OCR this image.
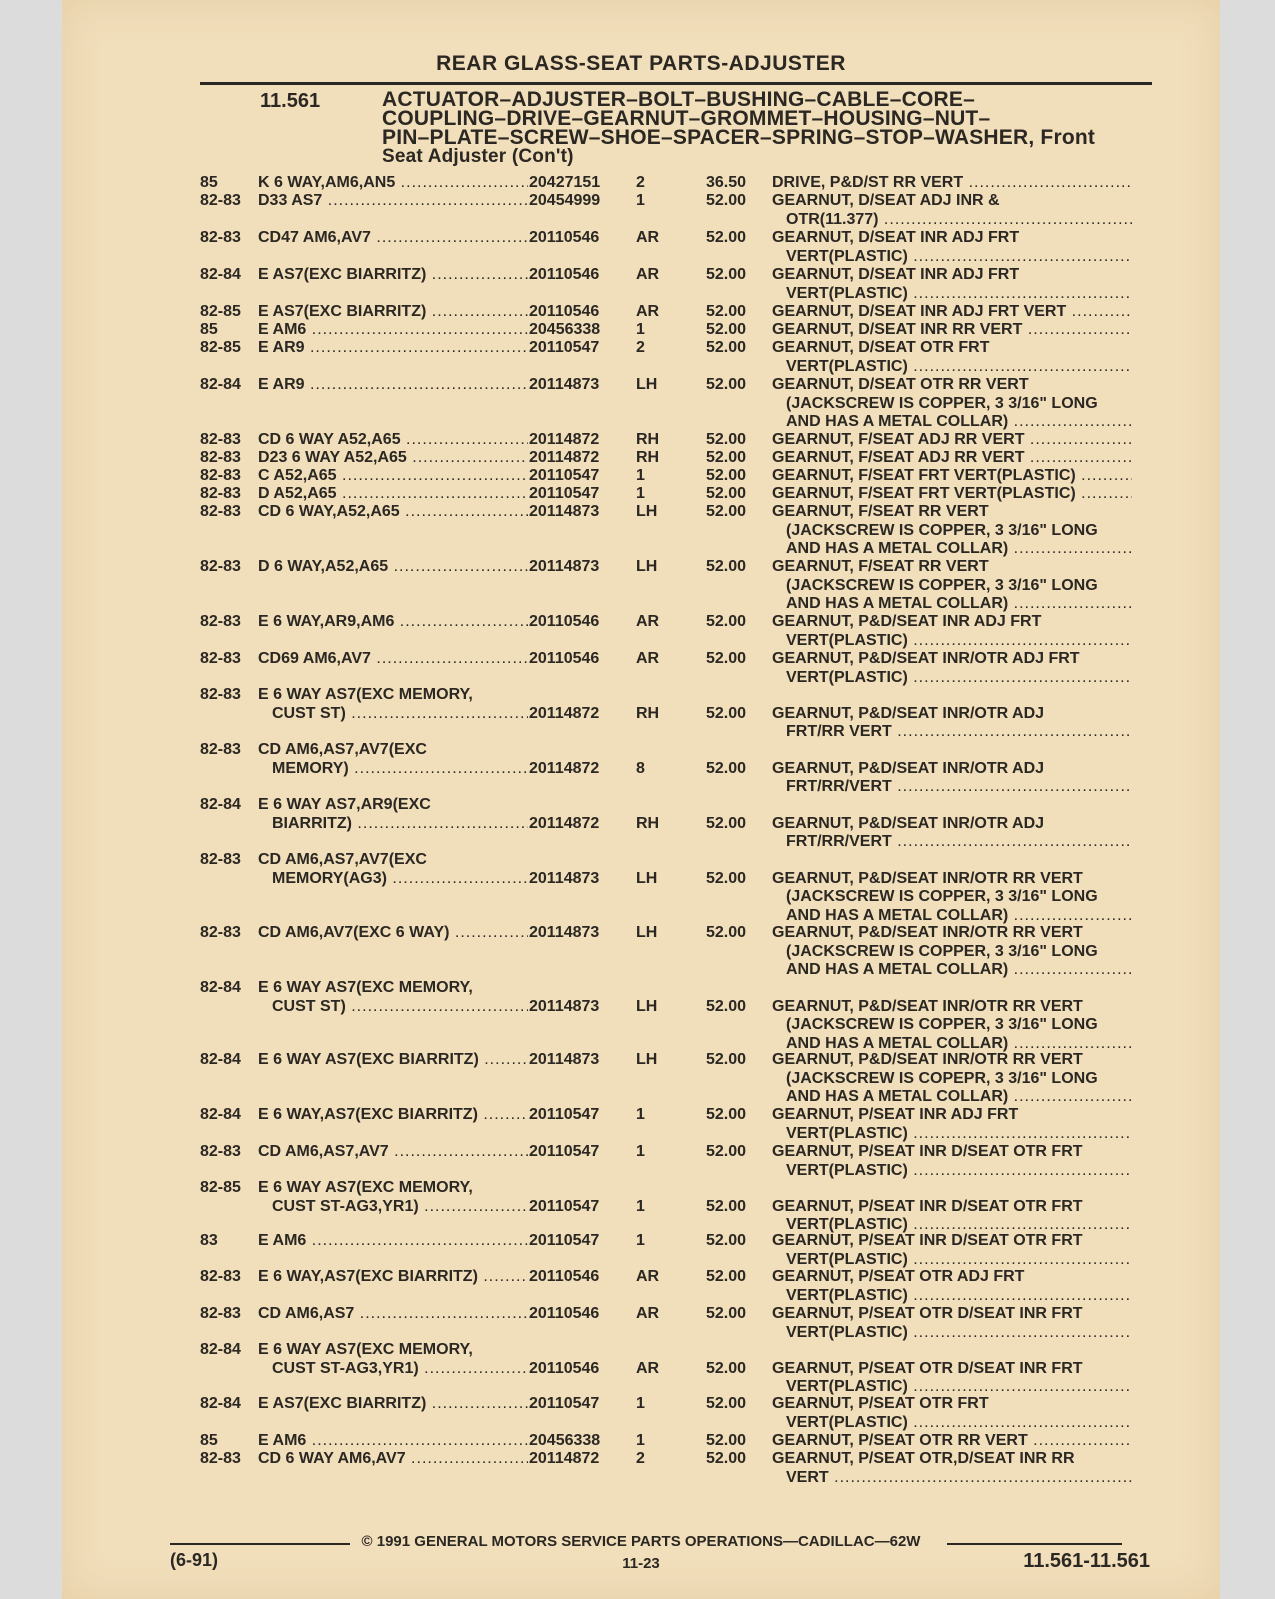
REAR GLASS-SEAT PARTS-ADJUSTER
11.561	ACTUATOR–ADJUSTER–BOLT–BUSHING–CABLE–CORE–
COUPLING–DRIVE–GEARNUT–GROMMET–HOUSING–NUT–
PIN–PLATE–SCREW–SHOE–SPACER–SPRING–STOP–WASHER, Front
Seat Adjuster (Con't)
85	K 6 WAY,AM6,AN5 .....	20427151	2	36.50 DRIVE, P&D/ST RR VERT .....
82-83	D33 AS7 .....	20454999	1	52.00 GEARNUT, D/SEAT ADJ INR &
OTR(11.377) .....
82-83	CD47 AM6,AV7 .....	20110546	AR	52.00 GEARNUT, D/SEAT INR ADJ FRT
VERT(PLASTIC) .....
82-84	E AS7(EXC BIARRITZ) .....	20110546	AR	52.00 GEARNUT, D/SEAT INR ADJ FRT
VERT(PLASTIC) .....
82-85	E AS7(EXC BIARRITZ) .....	20110546	AR	52.00 GEARNUT, D/SEAT INR ADJ FRT VERT .....
85	E AM6 .....	20456338	1	52.00 GEARNUT, D/SEAT INR RR VERT .....
82-85	E AR9 .....	20110547	2	52.00 GEARNUT, D/SEAT OTR FRT
VERT(PLASTIC) .....
82-84	E AR9 .....	20114873	LH	52.00 GEARNUT, D/SEAT OTR RR VERT
(JACKSCREW IS COPPER, 3 3/16" LONG
AND HAS A METAL COLLAR) .....
82-83	CD 6 WAY A52,A65 .....	20114872	RH	52.00 GEARNUT, F/SEAT ADJ RR VERT .....
82-83	D23 6 WAY A52,A65 .....	20114872	RH	52.00 GEARNUT, F/SEAT ADJ RR VERT .....
82-83	C A52,A65 .....	20110547	1	52.00 GEARNUT, F/SEAT FRT VERT(PLASTIC) .....
82-83	D A52,A65 .....	20110547	1	52.00 GEARNUT, F/SEAT FRT VERT(PLASTIC) .....
82-83	CD 6 WAY,A52,A65 .....	20114873	LH	52.00 GEARNUT, F/SEAT RR VERT
(JACKSCREW IS COPPER, 3 3/16" LONG
AND HAS A METAL COLLAR) .....
82-83	D 6 WAY,A52,A65 .....	20114873	LH	52.00 GEARNUT, F/SEAT RR VERT
(JACKSCREW IS COPPER, 3 3/16" LONG
AND HAS A METAL COLLAR) .....
82-83	E 6 WAY,AR9,AM6 .....	20110546	AR	52.00 GEARNUT, P&D/SEAT INR ADJ FRT
VERT(PLASTIC) .....
82-83	CD69 AM6,AV7 .....	20110546	AR	52.00 GEARNUT, P&D/SEAT INR/OTR ADJ FRT
VERT(PLASTIC) .....
82-83	E 6 WAY AS7(EXC MEMORY,
CUST ST) .....	20114872	RH	52.00 GEARNUT, P&D/SEAT INR/OTR ADJ
FRT/RR VERT .....
82-83	CD AM6,AS7,AV7(EXC
MEMORY) .....	20114872	8	52.00 GEARNUT, P&D/SEAT INR/OTR ADJ
FRT/RR/VERT .....
82-84	E 6 WAY AS7,AR9(EXC
BIARRITZ) .....	20114872	RH	52.00 GEARNUT, P&D/SEAT INR/OTR ADJ
FRT/RR/VERT .....
82-83	CD AM6,AS7,AV7(EXC
MEMORY(AG3) .....	20114873	LH	52.00 GEARNUT, P&D/SEAT INR/OTR RR VERT
(JACKSCREW IS COPPER, 3 3/16" LONG
AND HAS A METAL COLLAR) .....
82-83	CD AM6,AV7(EXC 6 WAY) .....	20114873	LH	52.00 GEARNUT, P&D/SEAT INR/OTR RR VERT
(JACKSCREW IS COPPER, 3 3/16" LONG
AND HAS A METAL COLLAR) .....
82-84	E 6 WAY AS7(EXC MEMORY,
CUST ST) .....	20114873	LH	52.00 GEARNUT, P&D/SEAT INR/OTR RR VERT
(JACKSCREW IS COPPER, 3 3/16" LONG
AND HAS A METAL COLLAR) .....
82-84	E 6 WAY AS7(EXC BIARRITZ) .....	20114873	LH	52.00 GEARNUT, P&D/SEAT INR/OTR RR VERT
(JACKSCREW IS COPEPR, 3 3/16" LONG
AND HAS A METAL COLLAR) .....
82-84	E 6 WAY,AS7(EXC BIARRITZ) .....	20110547	1	52.00 GEARNUT, P/SEAT INR ADJ FRT
VERT(PLASTIC) .....
82-83	CD AM6,AS7,AV7 .....	20110547	1	52.00 GEARNUT, P/SEAT INR D/SEAT OTR FRT
VERT(PLASTIC) .....
82-85	E 6 WAY AS7(EXC MEMORY,
CUST ST-AG3,YR1) .....	20110547	1	52.00 GEARNUT, P/SEAT INR D/SEAT OTR FRT
VERT(PLASTIC) .....
83	E AM6 .....	20110547	1	52.00 GEARNUT, P/SEAT INR D/SEAT OTR FRT
VERT(PLASTIC) .....
82-83	E 6 WAY,AS7(EXC BIARRITZ) .....	20110546	AR	52.00 GEARNUT, P/SEAT OTR ADJ FRT
VERT(PLASTIC) .....
82-83	CD AM6,AS7 .....	20110546	AR	52.00 GEARNUT, P/SEAT OTR D/SEAT INR FRT
VERT(PLASTIC) .....
82-84	E 6 WAY AS7(EXC MEMORY,
CUST ST-AG3,YR1) .....	20110546	AR	52.00 GEARNUT, P/SEAT OTR D/SEAT INR FRT
VERT(PLASTIC) .....
82-84	E AS7(EXC BIARRITZ) .....	20110547	1	52.00 GEARNUT, P/SEAT OTR FRT
VERT(PLASTIC) .....
85	E AM6 .....	20456338	1	52.00 GEARNUT, P/SEAT OTR RR VERT .....
82-83	CD 6 WAY AM6,AV7 .....	20114872	2	52.00 GEARNUT, P/SEAT OTR,D/SEAT INR RR
VERT .....
© 1991 GENERAL MOTORS SERVICE PARTS OPERATIONS—CADILLAC—62W
(6-91)	11-23	11.561-11.561
